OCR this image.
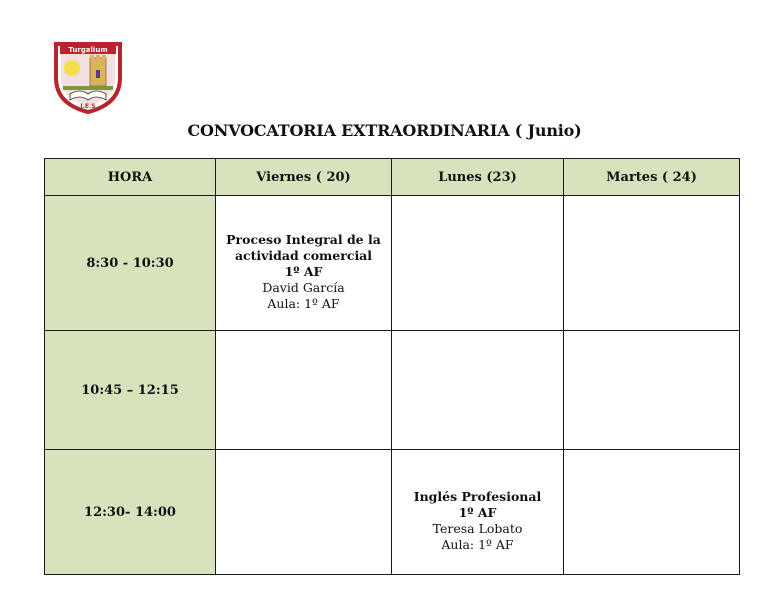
Turgalium
I.E.S
CONVOCATORIA EXTRAORDINARIA ( Junio)
HORA	Viernes ( 20)	Lunes (23)	Martes ( 24)
8:30 - 10:30	Proceso Integral de la
actividad comercial
1º AF
David García
Aula: 1º AF		

10:45 – 12:15			
12:30- 14:00		Inglés Profesional
1º AF
Teresa Lobato
Aula: 1º AF	
